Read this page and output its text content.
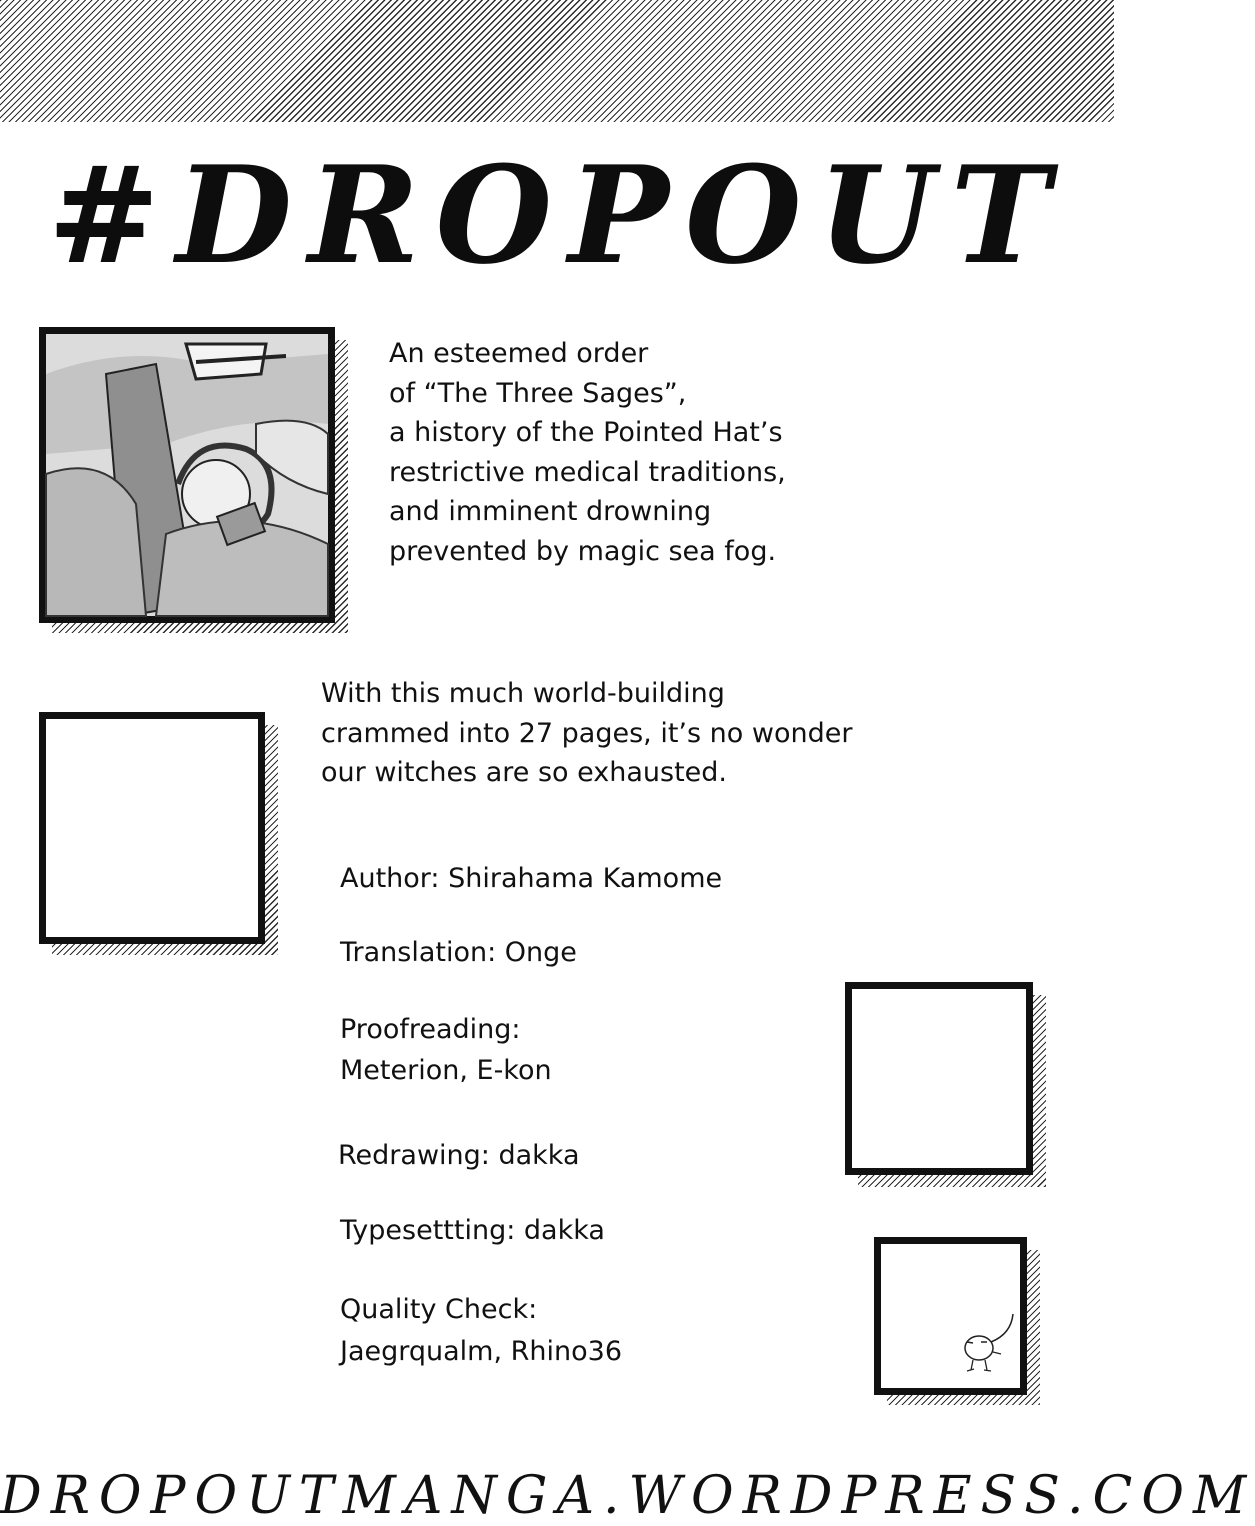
#DROPOUT
An esteemed order
of “The Three Sages”,
a history of the Pointed Hat’s
restrictive medical traditions,
and imminent drowning
prevented by magic sea fog.
With this much world-building
crammed into 27 pages, it’s no wonder
our witches are so exhausted.
Author: Shirahama Kamome
Translation: Onge
Proofreading:
Meterion, E-kon
Redrawing: dakka
Typesettting: dakka
Quality Check:
Jaegrqualm, Rhino36
DROPOUTMANGA.WORDPRESS.COM
